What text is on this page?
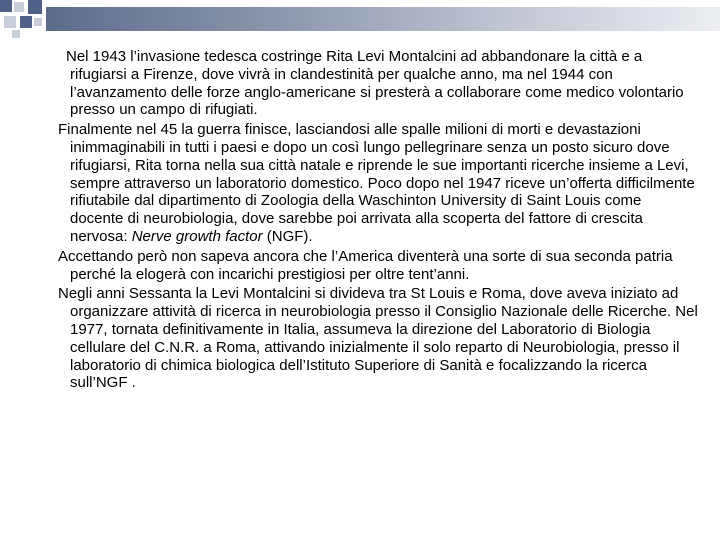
Nel 1943 l’invasione tedesca costringe Rita Levi Montalcini ad abbandonare la città e a rifugiarsi a Firenze, dove vivrà in clandestinità per qualche anno, ma nel 1944 con l’avanzamento delle forze anglo-americane si presterà a collaborare come medico volontario presso un campo di rifugiati.

Finalmente nel 45 la guerra finisce, lasciandosi alle spalle milioni di morti e devastazioni inimmaginabili in tutti i paesi e dopo un così lungo pellegrinare senza un posto sicuro dove rifugiarsi, Rita torna nella sua città natale e riprende le sue importanti ricerche insieme a Levi, sempre attraverso un laboratorio domestico. Poco dopo nel 1947 riceve un’offerta difficilmente rifiutabile dal dipartimento di Zoologia della Waschinton University di Saint Louis come docente di neurobiologia, dove sarebbe poi arrivata alla scoperta del fattore di crescita nervosa: Nerve growth factor (NGF).

Accettando però non sapeva ancora che l’America diventerà una sorte di sua seconda patria perché la elogerà con incarichi prestigiosi per oltre tent’anni.

Negli anni Sessanta la Levi Montalcini si divideva tra St Louis e Roma, dove aveva iniziato ad organizzare attività di ricerca in neurobiologia presso il Consiglio Nazionale delle Ricerche. Nel 1977, tornata definitivamente in Italia, assumeva la direzione del Laboratorio di Biologia cellulare del C.N.R. a Roma, attivando inizialmente il solo reparto di Neurobiologia, presso il laboratorio di chimica biologica dell’Istituto Superiore di Sanità e focalizzando la ricerca sull’NGF .
